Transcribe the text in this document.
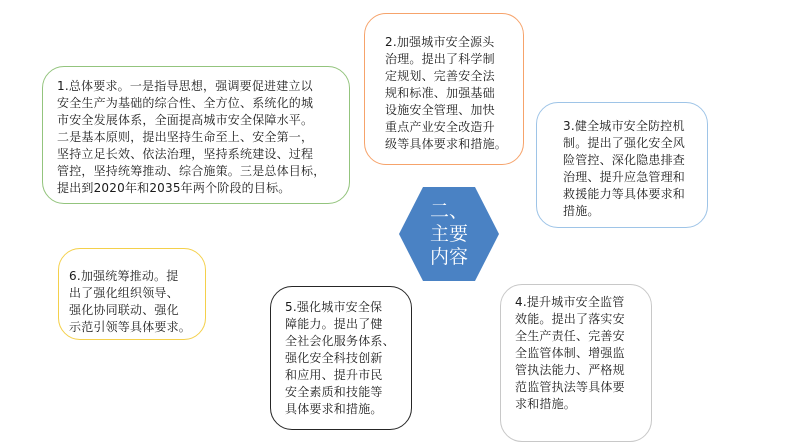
二、
主要
内容
1.总体要求。一是指导思想，强调要促进建立以
安全生产为基础的综合性、全方位、系统化的城
市安全发展体系，全面提高城市安全保障水平。
二是基本原则，提出坚持生命至上、安全第一，
坚持立足长效、依法治理，坚持系统建设、过程
管控，坚持统筹推动、综合施策。三是总体目标，
提出到2020年和2035年两个阶段的目标。
2.加强城市安全源头
治理。提出了科学制
定规划、完善安全法
规和标准、加强基础
设施安全管理、加快
重点产业安全改造升
级等具体要求和措施。
3.健全城市安全防控机
制。提出了强化安全风
险管控、深化隐患排查
治理、提升应急管理和
救援能力等具体要求和
措施。
4.提升城市安全监管
效能。提出了落实安
全生产责任、完善安
全监管体制、增强监
管执法能力、严格规
范监管执法等具体要
求和措施。
5.强化城市安全保
障能力。提出了健
全社会化服务体系、
强化安全科技创新
和应用、提升市民
安全素质和技能等
具体要求和措施。
6.加强统筹推动。提
出了强化组织领导、
强化协同联动、强化
示范引领等具体要求。
